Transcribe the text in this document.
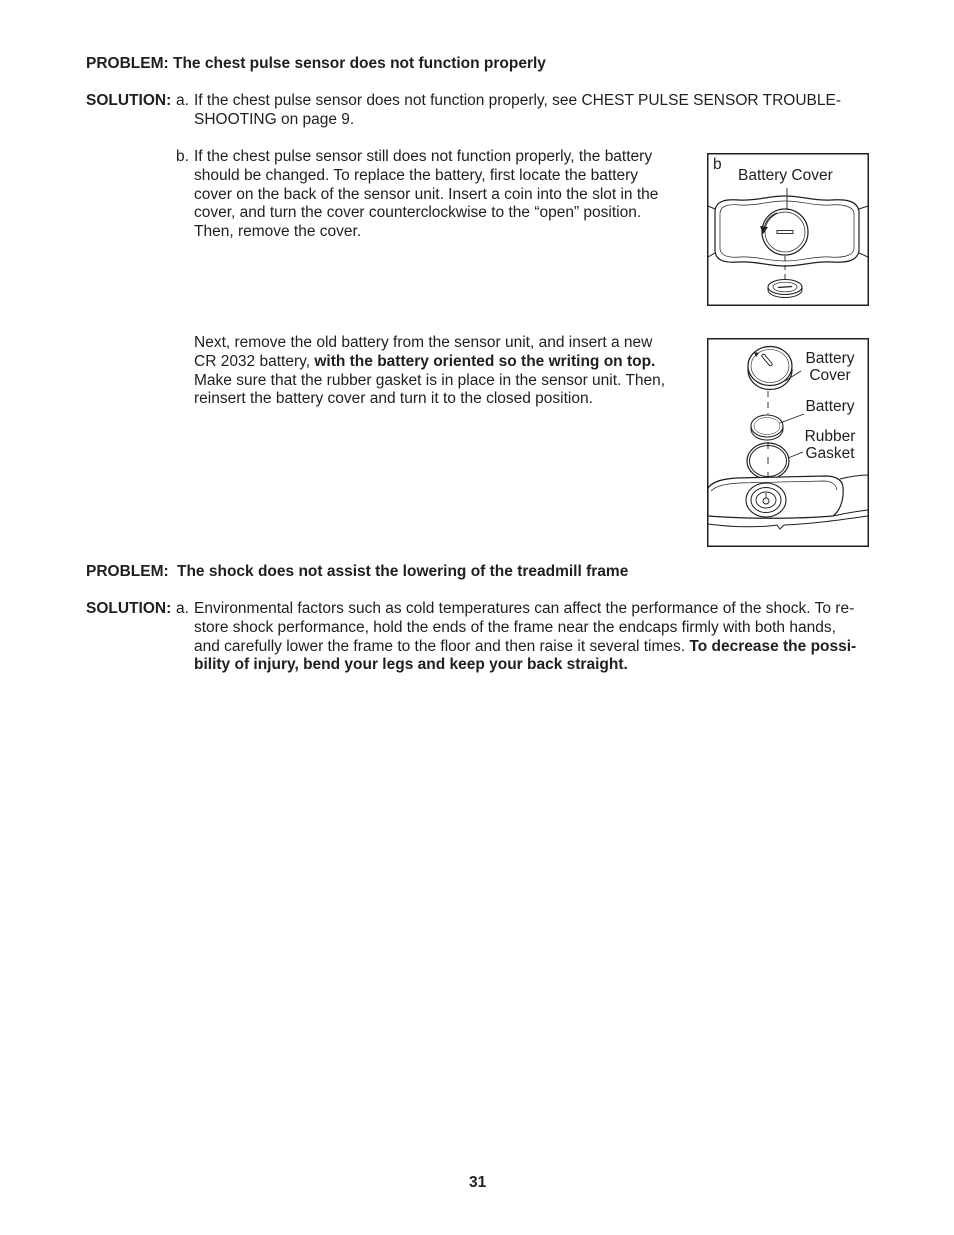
PROBLEM: The chest pulse sensor does not function properly
SOLUTION: a. If the chest pulse sensor does not function properly, see CHEST PULSE SENSOR TROUBLE-
SHOOTING on page 9.
b. If the chest pulse sensor still does not function properly, the battery
should be changed. To replace the battery, first locate the battery
cover on the back of the sensor unit. Insert a coin into the slot in the
cover, and turn the cover counterclockwise to the “open” position.
Then, remove the cover.
Next, remove the old battery from the sensor unit, and insert a new
CR 2032 battery, with the battery oriented so the writing on top.
Make sure that the rubber gasket is in place in the sensor unit. Then,
reinsert the battery cover and turn it to the closed position.
b
Battery Cover
Battery
Cover
Battery
Rubber
Gasket
PROBLEM: The shock does not assist the lowering of the treadmill frame
SOLUTION: a. Environmental factors such as cold temperatures can affect the performance of the shock. To re-
store shock performance, hold the ends of the frame near the endcaps firmly with both hands,
and carefully lower the frame to the floor and then raise it several times. To decrease the possi-
bility of injury, bend your legs and keep your back straight.
31
